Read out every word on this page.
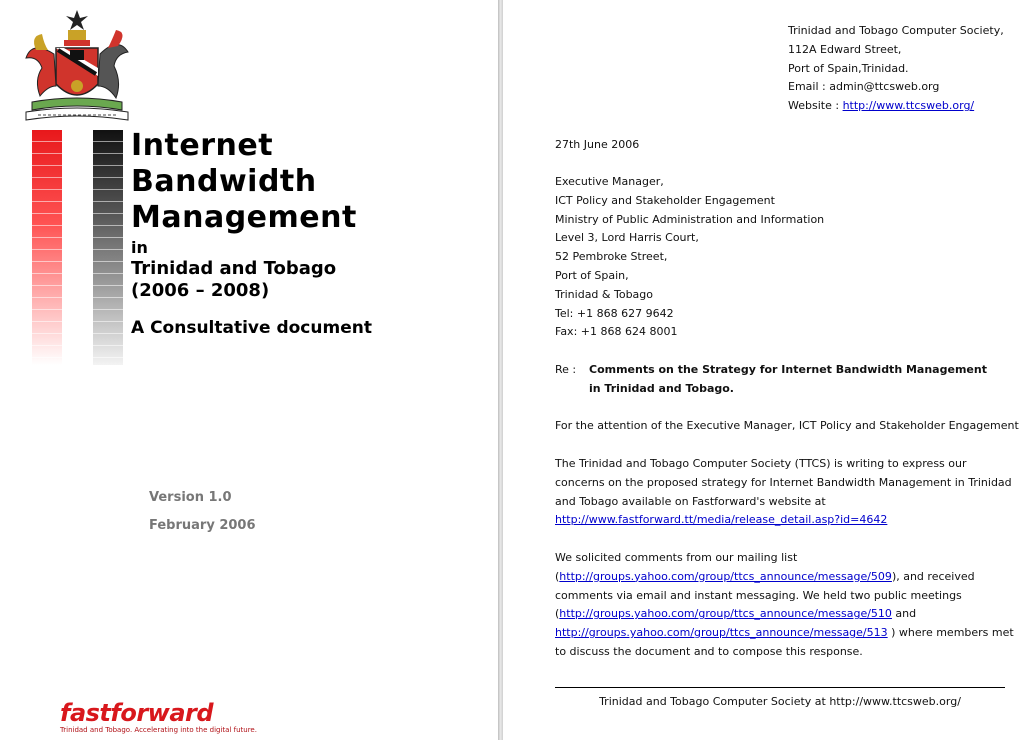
Internet
Bandwidth
Management
in
Trinidad and Tobago
(2006 – 2008)
A Consultative document
Version 1.0
February 2006
fastforward
Trinidad and Tobago. Accelerating into the digital future.
Trinidad and Tobago Computer Society,
112A Edward Street,
Port of Spain,Trinidad.
Email : admin@ttcsweb.org
Website : http://www.ttcsweb.org/
27th June 2006
Executive Manager,
ICT Policy and Stakeholder Engagement
Ministry of Public Administration and Information
Level 3, Lord Harris Court,
52 Pembroke Street,
Port of Spain,
Trinidad & Tobago
Tel: +1 868 627 9642
Fax: +1 868 624 8001
Re : Comments on the Strategy for Internet Bandwidth Management
in Trinidad and Tobago.
For the attention of the Executive Manager, ICT Policy and Stakeholder Engagement
The Trinidad and Tobago Computer Society (TTCS) is writing to express our
concerns on the proposed strategy for Internet Bandwidth Management in Trinidad
and Tobago available on Fastforward's website at
http://www.fastforward.tt/media/release_detail.asp?id=4642
We solicited comments from our mailing list
(http://groups.yahoo.com/group/ttcs_announce/message/509), and received
comments via email and instant messaging. We held two public meetings
(http://groups.yahoo.com/group/ttcs_announce/message/510 and
http://groups.yahoo.com/group/ttcs_announce/message/513 ) where members met
to discuss the document and to compose this response.
Trinidad and Tobago Computer Society at http://www.ttcsweb.org/
